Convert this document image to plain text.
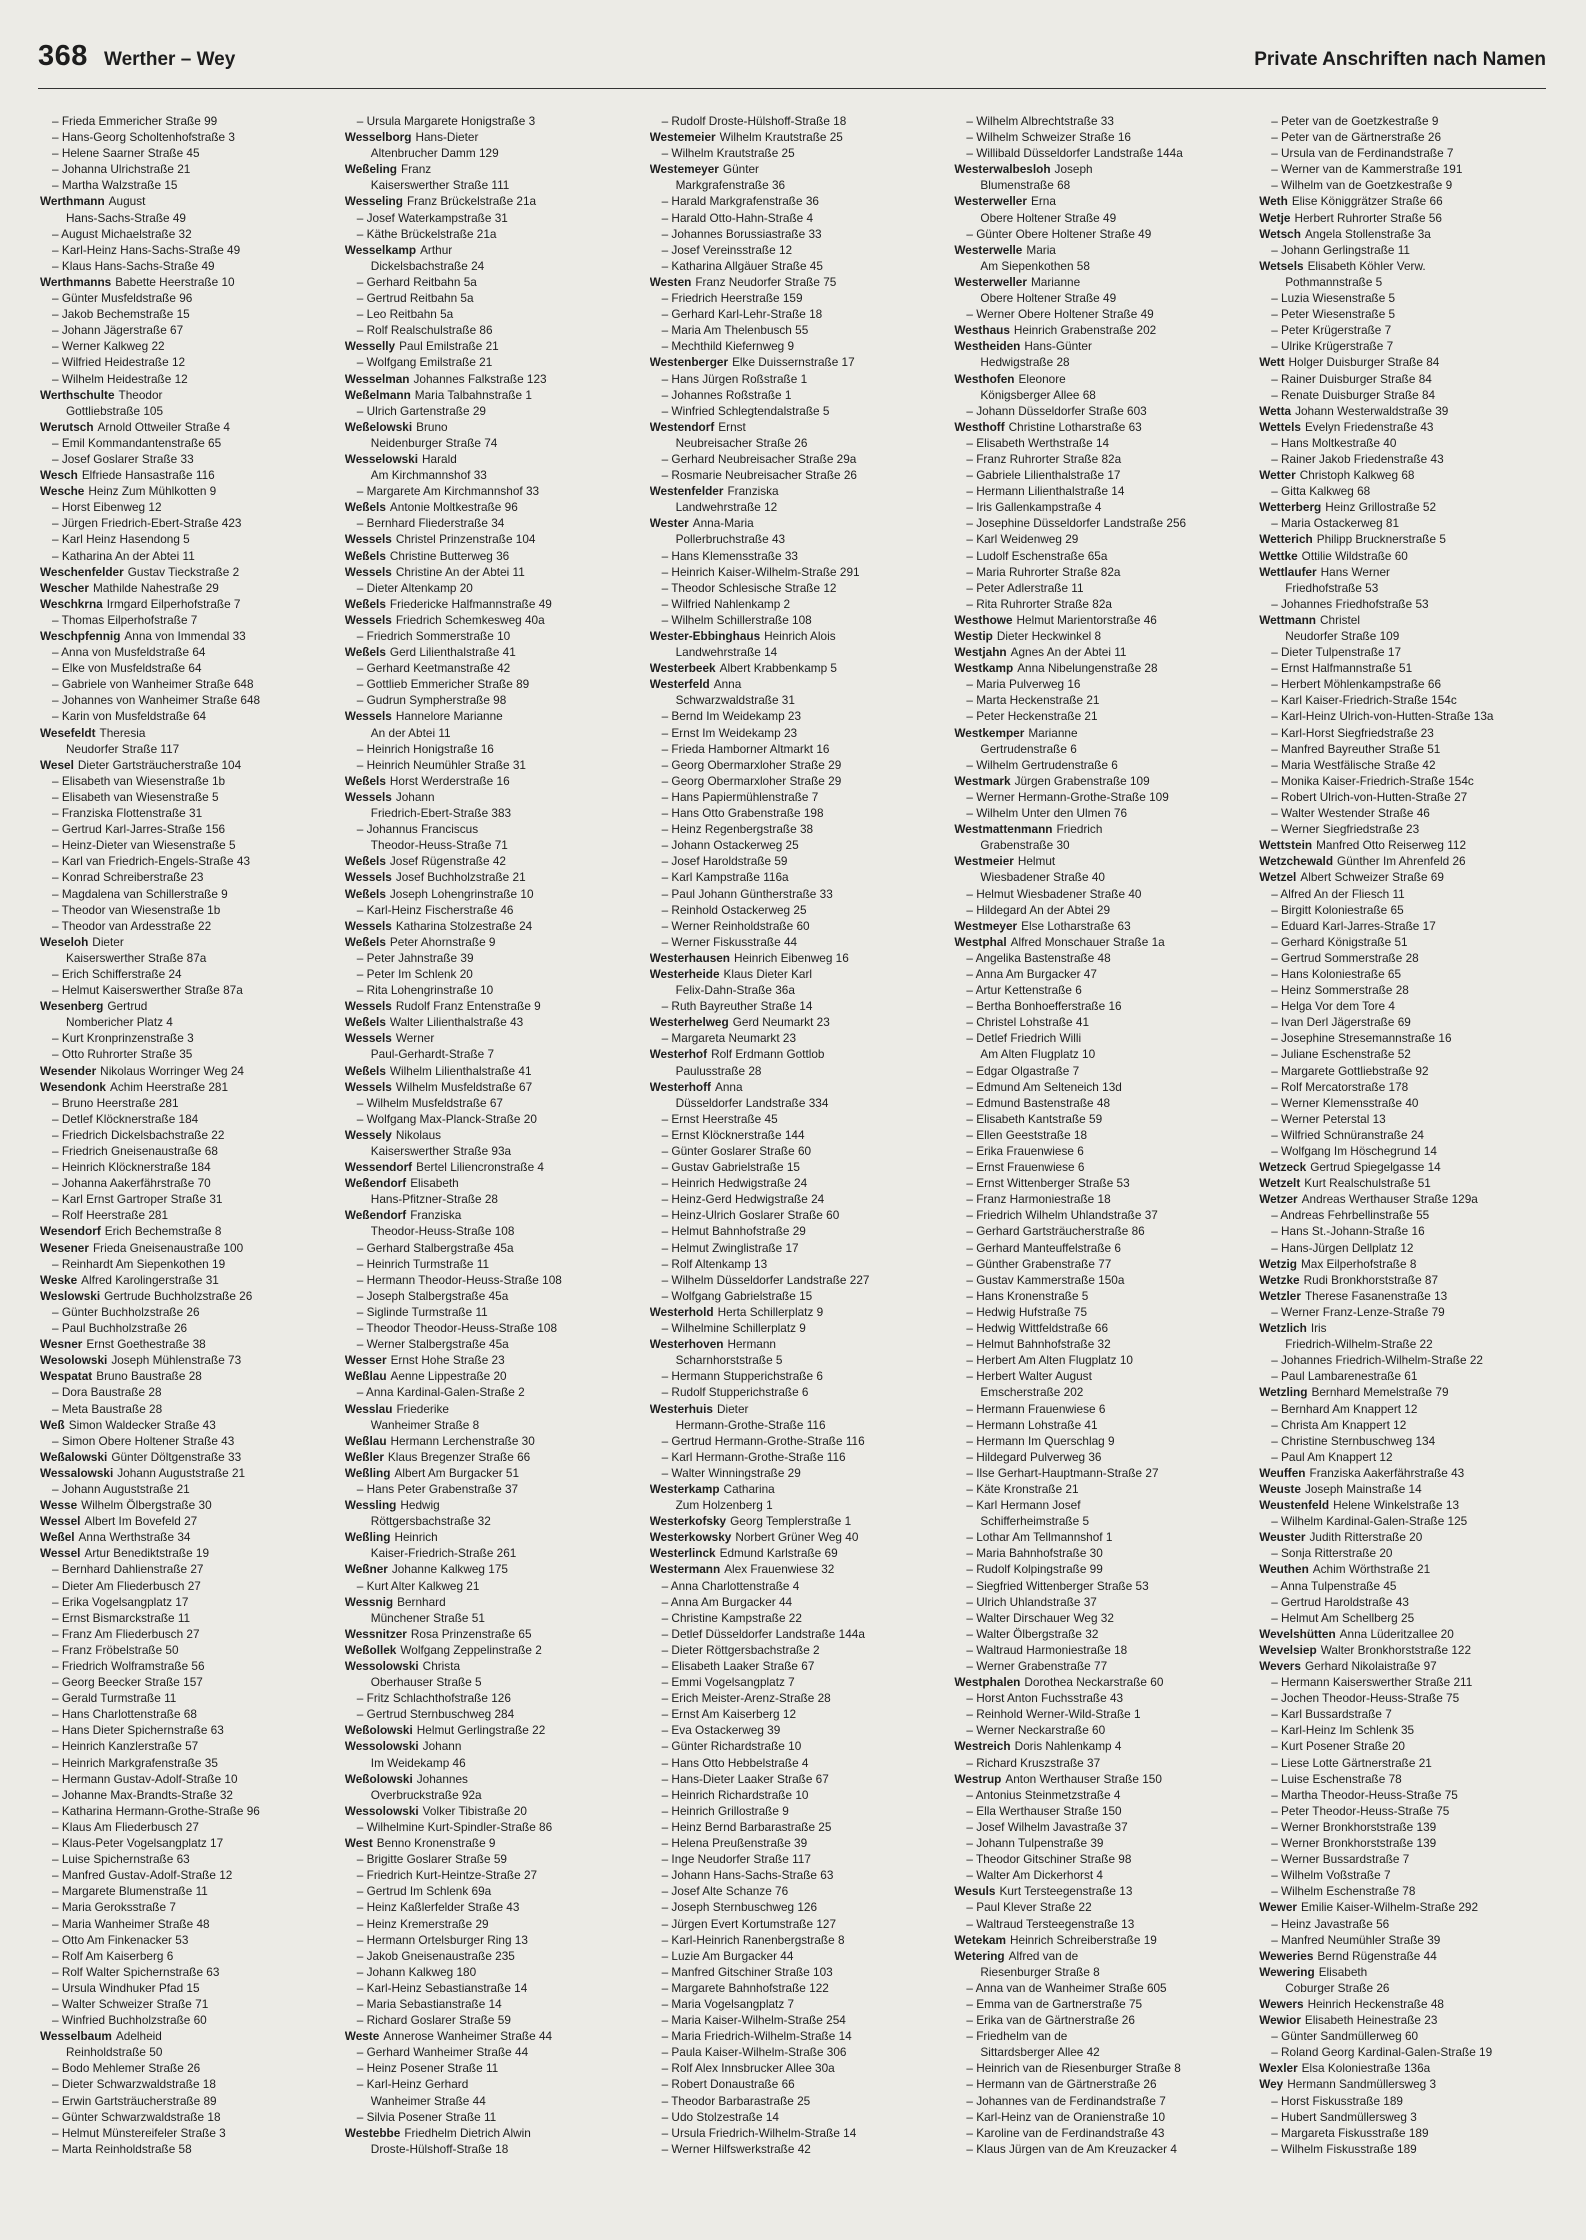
368 Werther – Wey	Private Anschriften nach Namen
– Frieda Emmericher Straße 99
– Hans-Georg Scholtenhofstraße 3
– Helene Saarner Straße 45
– Johanna Ulrichstraße 21
– Martha Walzstraße 15
Werthmann August
Hans-Sachs-Straße 49
– August Michaelstraße 32
– Karl-Heinz Hans-Sachs-Straße 49
– Klaus Hans-Sachs-Straße 49
Werthmanns Babette Heerstraße 10
– Günter Musfeldstraße 96
– Jakob Bechemstraße 15
– Johann Jägerstraße 67
– Werner Kalkweg 22
– Wilfried Heidestraße 12
– Wilhelm Heidestraße 12
Werthschulte Theodor
Gottliebstraße 105
Werutsch Arnold Ottweiler Straße 4
– Emil Kommandantenstraße 65
– Josef Goslarer Straße 33
Wesch Elfriede Hansastraße 116
Wesche Heinz Zum Mühlkotten 9
– Horst Eibenweg 12
– Jürgen Friedrich-Ebert-Straße 423
– Karl Heinz Hasendong 5
– Katharina An der Abtei 11
Weschenfelder Gustav Tieckstraße 2
Wescher Mathilde Nahestraße 29
Weschkrna Irmgard Eilperhofstraße 7
– Thomas Eilperhofstraße 7
Weschpfennig Anna von Immendal 33
– Anna von Musfeldstraße 64
– Elke von Musfeldstraße 64
– Gabriele von Wanheimer Straße 648
– Johannes von Wanheimer Straße 648
– Karin von Musfeldstraße 64
Wesefeldt Theresia
Neudorfer Straße 117
Wesel Dieter Gartsträucherstraße 104
– Elisabeth van Wiesenstraße 1b
– Elisabeth van Wiesenstraße 5
– Franziska Flottenstraße 31
– Gertrud Karl-Jarres-Straße 156
– Heinz-Dieter van Wiesenstraße 5
– Karl van Friedrich-Engels-Straße 43
– Konrad Schreiberstraße 23
– Magdalena van Schillerstraße 9
– Theodor van Wiesenstraße 1b
– Theodor van Ardesstraße 22
Weseloh Dieter
Kaiserswerther Straße 87a
– Erich Schifferstraße 24
– Helmut Kaiserswerther Straße 87a
Wesenberg Gertrud
Nombericher Platz 4
– Kurt Kronprinzenstraße 3
– Otto Ruhrorter Straße 35
Wesender Nikolaus Worringer Weg 24
Wesendonk Achim Heerstraße 281
– Bruno Heerstraße 281
– Detlef Klöcknerstraße 184
– Friedrich Dickelsbachstraße 22
– Friedrich Gneisenaustraße 68
– Heinrich Klöcknerstraße 184
– Johanna Aakerfährstraße 70
– Karl Ernst Gartroper Straße 31
– Rolf Heerstraße 281
Wesendorf Erich Bechemstraße 8
Wesener Frieda Gneisenaustraße 100
– Reinhardt Am Siepenkothen 19
Weske Alfred Karolingerstraße 31
Weslowski Gertrude Buchholzstraße 26
– Günter Buchholzstraße 26
– Paul Buchholzstraße 26
Wesner Ernst Goethestraße 38
Wesolowski Joseph Mühlenstraße 73
Wespatat Bruno Baustraße 28
– Dora Baustraße 28
– Meta Baustraße 28
Weß Simon Waldecker Straße 43
– Simon Obere Holtener Straße 43
Weßalowski Günter Döltgenstraße 33
Wessalowski Johann Auguststraße 21
– Johann Auguststraße 21
Wesse Wilhelm Ölbergstraße 30
Wessel Albert Im Bovefeld 27
Weßel Anna Werthstraße 34
Wessel Artur Benediktstraße 19
– Bernhard Dahlienstraße 27
– Dieter Am Fliederbusch 27
– Erika Vogelsangplatz 17
– Ernst Bismarckstraße 11
– Franz Am Fliederbusch 27
– Franz Fröbelstraße 50
– Friedrich Wolframstraße 56
– Georg Beecker Straße 157
– Gerald Turmstraße 11
– Hans Charlottenstraße 68
– Hans Dieter Spichernstraße 63
– Heinrich Kanzlerstraße 57
– Heinrich Markgrafenstraße 35
– Hermann Gustav-Adolf-Straße 10
– Johanne Max-Brandts-Straße 32
– Katharina Hermann-Grothe-Straße 96
– Klaus Am Fliederbusch 27
– Klaus-Peter Vogelsangplatz 17
– Luise Spichernstraße 63
– Manfred Gustav-Adolf-Straße 12
– Margarete Blumenstraße 11
– Maria Geroksstraße 7
– Maria Wanheimer Straße 48
– Otto Am Finkenacker 53
– Rolf Am Kaiserberg 6
– Rolf Walter Spichernstraße 63
– Ursula Windhuker Pfad 15
– Walter Schweizer Straße 71
– Winfried Buchholzstraße 60
Wesselbaum Adelheid
Reinholdstraße 50
– Bodo Mehlemer Straße 26
– Dieter Schwarzwaldstraße 18
– Erwin Gartsträucherstraße 89
– Günter Schwarzwaldstraße 18
– Helmut Münstereifeler Straße 3
– Marta Reinholdstraße 58
– Ursula Margarete Honigstraße 3
Wesselborg Hans-Dieter
Altenbrucher Damm 129
Weßeling Franz
Kaiserswerther Straße 111
Wesseling Franz Brückelstraße 21a
– Josef Waterkampstraße 31
– Käthe Brückelstraße 21a
Wesselkamp Arthur
Dickelsbachstraße 24
– Gerhard Reitbahn 5a
– Gertrud Reitbahn 5a
– Leo Reitbahn 5a
– Rolf Realschulstraße 86
Wesselly Paul Emilstraße 21
– Wolfgang Emilstraße 21
Wesselman Johannes Falkstraße 123
Weßelmann Maria Talbahnstraße 1
– Ulrich Gartenstraße 29
Weßelowski Bruno
Neidenburger Straße 74
Wesselowski Harald
Am Kirchmannshof 33
– Margarete Am Kirchmannshof 33
Weßels Antonie Moltkestraße 96
– Bernhard Fliederstraße 34
Wessels Christel Prinzenstraße 104
Weßels Christine Butterweg 36
Wessels Christine An der Abtei 11
– Dieter Altenkamp 20
Weßels Friedericke Halfmannstraße 49
Wessels Friedrich Schemkesweg 40a
– Friedrich Sommerstraße 10
Weßels Gerd Lilienthalstraße 41
– Gerhard Keetmanstraße 42
– Gottlieb Emmericher Straße 89
– Gudrun Sympherstraße 98
Wessels Hannelore Marianne
An der Abtei 11
– Heinrich Honigstraße 16
– Heinrich Neumühler Straße 31
Weßels Horst Werderstraße 16
Wessels Johann
Friedrich-Ebert-Straße 383
– Johannus Franciscus
Theodor-Heuss-Straße 71
Weßels Josef Rügenstraße 42
Wessels Josef Buchholzstraße 21
Weßels Joseph Lohengrinstraße 10
– Karl-Heinz Fischerstraße 46
Wessels Katharina Stolzestraße 24
Weßels Peter Ahornstraße 9
– Peter Jahnstraße 39
– Peter Im Schlenk 20
– Rita Lohengrinstraße 10
Wessels Rudolf Franz Entenstraße 9
Weßels Walter Lilienthalstraße 43
Wessels Werner
Paul-Gerhardt-Straße 7
Weßels Wilhelm Lilienthalstraße 41
Wessels Wilhelm Musfeldstraße 67
– Wilhelm Musfeldstraße 67
– Wolfgang Max-Planck-Straße 20
Wessely Nikolaus
Kaiserswerther Straße 93a
Wessendorf Bertel Liliencronstraße 4
Weßendorf Elisabeth
Hans-Pfitzner-Straße 28
Weßendorf Franziska
Theodor-Heuss-Straße 108
– Gerhard Stalbergstraße 45a
– Heinrich Turmstraße 11
– Hermann Theodor-Heuss-Straße 108
– Joseph Stalbergstraße 45a
– Siglinde Turmstraße 11
– Theodor Theodor-Heuss-Straße 108
– Werner Stalbergstraße 45a
Wesser Ernst Hohe Straße 23
Weßlau Aenne Lippestraße 20
– Anna Kardinal-Galen-Straße 2
Wesslau Friederike
Wanheimer Straße 8
Weßlau Hermann Lerchenstraße 30
Weßler Klaus Bregenzer Straße 66
Weßling Albert Am Burgacker 51
– Hans Peter Grabenstraße 37
Wessling Hedwig
Röttgersbachstraße 32
Weßling Heinrich
Kaiser-Friedrich-Straße 261
Weßner Johanne Kalkweg 175
– Kurt Alter Kalkweg 21
Wessnig Bernhard
Münchener Straße 51
Wessnitzer Rosa Prinzenstraße 65
Weßollek Wolfgang Zeppelinstraße 2
Wessolowski Christa
Oberhauser Straße 5
– Fritz Schlachthofstraße 126
– Gertrud Sternbuschweg 284
Weßolowski Helmut Gerlingstraße 22
Wessolowski Johann
Im Weidekamp 46
Weßolowski Johannes
Overbruckstraße 92a
Wessolowski Volker Tibistraße 20
– Wilhelmine Kurt-Spindler-Straße 86
West Benno Kronenstraße 9
– Brigitte Goslarer Straße 59
– Friedrich Kurt-Heintze-Straße 27
– Gertrud Im Schlenk 69a
– Heinz Kaßlerfelder Straße 43
– Heinz Kremerstraße 29
– Hermann Ortelsburger Ring 13
– Jakob Gneisenaustraße 235
– Johann Kalkweg 180
– Karl-Heinz Sebastianstraße 14
– Maria Sebastianstraße 14
– Richard Goslarer Straße 59
Weste Annerose Wanheimer Straße 44
– Gerhard Wanheimer Straße 44
– Heinz Posener Straße 11
– Karl-Heinz Gerhard
Wanheimer Straße 44
– Silvia Posener Straße 11
Westebbe Friedhelm Dietrich Alwin
Droste-Hülshoff-Straße 18
– Rudolf Droste-Hülshoff-Straße 18
Westemeier Wilhelm Krautstraße 25
– Wilhelm Krautstraße 25
Westemeyer Günter
Markgrafenstraße 36
– Harald Markgrafenstraße 36
– Harald Otto-Hahn-Straße 4
– Johannes Borussiastraße 33
– Josef Vereinsstraße 12
– Katharina Allgäuer Straße 45
Westen Franz Neudorfer Straße 75
– Friedrich Heerstraße 159
– Gerhard Karl-Lehr-Straße 18
– Maria Am Thelenbusch 55
– Mechthild Kiefernweg 9
Westenberger Elke Duissernstraße 17
– Hans Jürgen Roßstraße 1
– Johannes Roßstraße 1
– Winfried Schlegtendalstraße 5
Westendorf Ernst
Neubreisacher Straße 26
– Gerhard Neubreisacher Straße 29a
– Rosmarie Neubreisacher Straße 26
Westenfelder Franziska
Landwehrstraße 12
Wester Anna-Maria
Pollerbruchstraße 43
– Hans Klemensstraße 33
– Heinrich Kaiser-Wilhelm-Straße 291
– Theodor Schlesische Straße 12
– Wilfried Nahlenkamp 2
– Wilhelm Schillerstraße 108
Wester-Ebbinghaus Heinrich Alois
Landwehrstraße 14
Westerbeek Albert Krabbenkamp 5
Westerfeld Anna
Schwarzwaldstraße 31
– Bernd Im Weidekamp 23
– Ernst Im Weidekamp 23
– Frieda Hamborner Altmarkt 16
– Georg Obermarxloher Straße 29
– Georg Obermarxloher Straße 29
– Hans Papiermühlenstraße 7
– Hans Otto Grabenstraße 198
– Heinz Regenbergstraße 38
– Johann Ostackerweg 25
– Josef Haroldstraße 59
– Karl Kampstraße 116a
– Paul Johann Güntherstraße 33
– Reinhold Ostackerweg 25
– Werner Reinholdstraße 60
– Werner Fiskusstraße 44
Westerhausen Heinrich Eibenweg 16
Westerheide Klaus Dieter Karl
Felix-Dahn-Straße 36a
– Ruth Bayreuther Straße 14
Westerhelweg Gerd Neumarkt 23
– Margareta Neumarkt 23
Westerhof Rolf Erdmann Gottlob
Paulusstraße 28
Westerhoff Anna
Düsseldorfer Landstraße 334
– Ernst Heerstraße 45
– Ernst Klöcknerstraße 144
– Günter Goslarer Straße 60
– Gustav Gabrielstraße 15
– Heinrich Hedwigstraße 24
– Heinz-Gerd Hedwigstraße 24
– Heinz-Ulrich Goslarer Straße 60
– Helmut Bahnhofstraße 29
– Helmut Zwinglistraße 17
– Rolf Altenkamp 13
– Wilhelm Düsseldorfer Landstraße 227
– Wolfgang Gabrielstraße 15
Westerhold Herta Schillerplatz 9
– Wilhelmine Schillerplatz 9
Westerhoven Hermann
Scharnhorststraße 5
– Hermann Stupperichstraße 6
– Rudolf Stupperichstraße 6
Westerhuis Dieter
Hermann-Grothe-Straße 116
– Gertrud Hermann-Grothe-Straße 116
– Karl Hermann-Grothe-Straße 116
– Walter Winningstraße 29
Westerkamp Catharina
Zum Holzenberg 1
Westerkofsky Georg Templerstraße 1
Westerkowsky Norbert Grüner Weg 40
Westerlinck Edmund Karlstraße 69
Westermann Alex Frauenwiese 32
– Anna Charlottenstraße 4
– Anna Am Burgacker 44
– Christine Kampstraße 22
– Detlef Düsseldorfer Landstraße 144a
– Dieter Röttgersbachstraße 2
– Elisabeth Laaker Straße 67
– Emmi Vogelsangplatz 7
– Erich Meister-Arenz-Straße 28
– Ernst Am Kaiserberg 12
– Eva Ostackerweg 39
– Günter Richardstraße 10
– Hans Otto Hebbelstraße 4
– Hans-Dieter Laaker Straße 67
– Heinrich Richardstraße 10
– Heinrich Grillostraße 9
– Heinz Bernd Barbarastraße 25
– Helena Preußenstraße 39
– Inge Neudorfer Straße 117
– Johann Hans-Sachs-Straße 63
– Josef Alte Schanze 76
– Joseph Sternbuschweg 126
– Jürgen Evert Kortumstraße 127
– Karl-Heinrich Ranenbergstraße 8
– Luzie Am Burgacker 44
– Manfred Gitschiner Straße 103
– Margarete Bahnhofstraße 122
– Maria Vogelsangplatz 7
– Maria Kaiser-Wilhelm-Straße 254
– Maria Friedrich-Wilhelm-Straße 14
– Paula Kaiser-Wilhelm-Straße 306
– Rolf Alex Innsbrucker Allee 30a
– Robert Donaustraße 66
– Theodor Barbarastraße 25
– Udo Stolzestraße 14
– Ursula Friedrich-Wilhelm-Straße 14
– Werner Hilfswerkstraße 42
– Wilhelm Albrechtstraße 33
– Wilhelm Schweizer Straße 16
– Willibald Düsseldorfer Landstraße 144a
Westerwalbesloh Joseph
Blumenstraße 68
Westerweller Erna
Obere Holtener Straße 49
– Günter Obere Holtener Straße 49
Westerwelle Maria
Am Siepenkothen 58
Westerweller Marianne
Obere Holtener Straße 49
– Werner Obere Holtener Straße 49
Westhaus Heinrich Grabenstraße 202
Westheiden Hans-Günter
Hedwigstraße 28
Westhofen Eleonore
Königsberger Allee 68
– Johann Düsseldorfer Straße 603
Westhoff Christine Lotharstraße 63
– Elisabeth Werthstraße 14
– Franz Ruhrorter Straße 82a
– Gabriele Lilienthalstraße 17
– Hermann Lilienthalstraße 14
– Iris Gallenkampstraße 4
– Josephine Düsseldorfer Landstraße 256
– Karl Weidenweg 29
– Ludolf Eschenstraße 65a
– Maria Ruhrorter Straße 82a
– Peter Adlerstraße 11
– Rita Ruhrorter Straße 82a
Westhowe Helmut Marientorstraße 46
Westip Dieter Heckwinkel 8
Westjahn Agnes An der Abtei 11
Westkamp Anna Nibelungenstraße 28
– Maria Pulverweg 16
– Marta Heckenstraße 21
– Peter Heckenstraße 21
Westkemper Marianne
Gertrudenstraße 6
– Wilhelm Gertrudenstraße 6
Westmark Jürgen Grabenstraße 109
– Werner Hermann-Grothe-Straße 109
– Wilhelm Unter den Ulmen 76
Westmattenmann Friedrich
Grabenstraße 30
Westmeier Helmut
Wiesbadener Straße 40
– Helmut Wiesbadener Straße 40
– Hildegard An der Abtei 29
Westmeyer Else Lotharstraße 63
Westphal Alfred Monschauer Straße 1a
– Angelika Bastenstraße 48
– Anna Am Burgacker 47
– Artur Kettenstraße 6
– Bertha Bonhoefferstraße 16
– Christel Lohstraße 41
– Detlef Friedrich Willi
Am Alten Flugplatz 10
– Edgar Olgastraße 7
– Edmund Am Selteneich 13d
– Edmund Bastenstraße 48
– Elisabeth Kantstraße 59
– Ellen Geeststraße 18
– Erika Frauenwiese 6
– Ernst Frauenwiese 6
– Ernst Wittenberger Straße 53
– Franz Harmoniestraße 18
– Friedrich Wilhelm Uhlandstraße 37
– Gerhard Gartsträucherstraße 86
– Gerhard Manteuffelstraße 6
– Günther Grabenstraße 77
– Gustav Kammerstraße 150a
– Hans Kronenstraße 5
– Hedwig Hufstraße 75
– Hedwig Wittfeldstraße 66
– Helmut Bahnhofstraße 32
– Herbert Am Alten Flugplatz 10
– Herbert Walter August
Emscherstraße 202
– Hermann Frauenwiese 6
– Hermann Lohstraße 41
– Hermann Im Querschlag 9
– Hildegard Pulverweg 36
– Ilse Gerhart-Hauptmann-Straße 27
– Käte Kronstraße 21
– Karl Hermann Josef
Schifferheimstraße 5
– Lothar Am Tellmannshof 1
– Maria Bahnhofstraße 30
– Rudolf Kolpingstraße 99
– Siegfried Wittenberger Straße 53
– Ulrich Uhlandstraße 37
– Walter Dirschauer Weg 32
– Walter Ölbergstraße 32
– Waltraud Harmoniestraße 18
– Werner Grabenstraße 77
Westphalen Dorothea Neckarstraße 60
– Horst Anton Fuchsstraße 43
– Reinhold Werner-Wild-Straße 1
– Werner Neckarstraße 60
Westreich Doris Nahlenkamp 4
– Richard Kruszstraße 37
Westrup Anton Werthauser Straße 150
– Antonius Steinmetzstraße 4
– Ella Werthauser Straße 150
– Josef Wilhelm Javastraße 37
– Johann Tulpenstraße 39
– Theodor Gitschiner Straße 98
– Walter Am Dickerhorst 4
Wesuls Kurt Tersteegenstraße 13
– Paul Klever Straße 22
– Waltraud Tersteegenstraße 13
Wetekam Heinrich Schreiberstraße 19
Wetering Alfred van de
Riesenburger Straße 8
– Anna van de Wanheimer Straße 605
– Emma van de Gartnerstraße 75
– Erika van de Gärtnerstraße 26
– Friedhelm van de
Sittardsberger Allee 42
– Heinrich van de Riesenburger Straße 8
– Hermann van de Gärtnerstraße 26
– Johannes van de Ferdinandstraße 7
– Karl-Heinz van de Oranienstraße 10
– Karoline van de Ferdinandstraße 43
– Klaus Jürgen van de Am Kreuzacker 4
– Peter van de Goetzkestraße 9
– Peter van de Gärtnerstraße 26
– Ursula van de Ferdinandstraße 7
– Werner van de Kammerstraße 191
– Wilhelm van de Goetzkestraße 9
Weth Elise Königgrätzer Straße 66
Wetje Herbert Ruhrorter Straße 56
Wetsch Angela Stollenstraße 3a
– Johann Gerlingstraße 11
Wetsels Elisabeth Köhler Verw.
Pothmannstraße 5
– Luzia Wiesenstraße 5
– Peter Wiesenstraße 5
– Peter Krügerstraße 7
– Ulrike Krügerstraße 7
Wett Holger Duisburger Straße 84
– Rainer Duisburger Straße 84
– Renate Duisburger Straße 84
Wetta Johann Westerwaldstraße 39
Wettels Evelyn Friedenstraße 43
– Hans Moltkestraße 40
– Rainer Jakob Friedenstraße 43
Wetter Christoph Kalkweg 68
– Gitta Kalkweg 68
Wetterberg Heinz Grillostraße 52
– Maria Ostackerweg 81
Wetterich Philipp Brucknerstraße 5
Wettke Ottilie Wildstraße 60
Wettlaufer Hans Werner
Friedhofstraße 53
– Johannes Friedhofstraße 53
Wettmann Christel
Neudorfer Straße 109
– Dieter Tulpenstraße 17
– Ernst Halfmannstraße 51
– Herbert Möhlenkampstraße 66
– Karl Kaiser-Friedrich-Straße 154c
– Karl-Heinz Ulrich-von-Hutten-Straße 13a
– Karl-Horst Siegfriedstraße 23
– Manfred Bayreuther Straße 51
– Maria Westfälische Straße 42
– Monika Kaiser-Friedrich-Straße 154c
– Robert Ulrich-von-Hutten-Straße 27
– Walter Westender Straße 46
– Werner Siegfriedstraße 23
Wettstein Manfred Otto Reiserweg 112
Wetzchewald Günther Im Ahrenfeld 26
Wetzel Albert Schweizer Straße 69
– Alfred An der Fliesch 11
– Birgitt Koloniestraße 65
– Eduard Karl-Jarres-Straße 17
– Gerhard Königstraße 51
– Gertrud Sommerstraße 28
– Hans Koloniestraße 65
– Heinz Sommerstraße 28
– Helga Vor dem Tore 4
– Ivan Derl Jägerstraße 69
– Josephine Stresemannstraße 16
– Juliane Eschenstraße 52
– Margarete Gottliebstraße 92
– Rolf Mercatorstraße 178
– Werner Klemensstraße 40
– Werner Peterstal 13
– Wilfried Schnüranstraße 24
– Wolfgang Im Höschegrund 14
Wetzeck Gertrud Spiegelgasse 14
Wetzelt Kurt Realschulstraße 51
Wetzer Andreas Werthauser Straße 129a
– Andreas Fehrbellinstraße 55
– Hans St.-Johann-Straße 16
– Hans-Jürgen Dellplatz 12
Wetzig Max Eilperhofstraße 8
Wetzke Rudi Bronkhorststraße 87
Wetzler Therese Fasanenstraße 13
– Werner Franz-Lenze-Straße 79
Wetzlich Iris
Friedrich-Wilhelm-Straße 22
– Johannes Friedrich-Wilhelm-Straße 22
– Paul Lambarenestraße 61
Wetzling Bernhard Memelstraße 79
– Bernhard Am Knappert 12
– Christa Am Knappert 12
– Christine Sternbuschweg 134
– Paul Am Knappert 12
Weuffen Franziska Aakerfährstraße 43
Weuste Joseph Mainstraße 14
Weustenfeld Helene Winkelstraße 13
– Wilhelm Kardinal-Galen-Straße 125
Weuster Judith Ritterstraße 20
– Sonja Ritterstraße 20
Weuthen Achim Wörthstraße 21
– Anna Tulpenstraße 45
– Gertrud Haroldstraße 43
– Helmut Am Schellberg 25
Wevelshütten Anna Lüderitzallee 20
Wevelsiep Walter Bronkhorststraße 122
Wevers Gerhard Nikolaistraße 97
– Hermann Kaiserswerther Straße 211
– Jochen Theodor-Heuss-Straße 75
– Karl Bussardstraße 7
– Karl-Heinz Im Schlenk 35
– Kurt Posener Straße 20
– Liese Lotte Gärtnerstraße 21
– Luise Eschenstraße 78
– Martha Theodor-Heuss-Straße 75
– Peter Theodor-Heuss-Straße 75
– Werner Bronkhorststraße 139
– Werner Bronkhorststraße 139
– Werner Bussardstraße 7
– Wilhelm Voßstraße 7
– Wilhelm Eschenstraße 78
Wewer Emilie Kaiser-Wilhelm-Straße 292
– Heinz Javastraße 56
– Manfred Neumühler Straße 39
Weweries Bernd Rügenstraße 44
Wewering Elisabeth
Coburger Straße 26
Wewers Heinrich Heckenstraße 48
Wewior Elisabeth Heinestraße 23
– Günter Sandmüllerweg 60
– Roland Georg Kardinal-Galen-Straße 19
Wexler Elsa Koloniestraße 136a
Wey Hermann Sandmüllersweg 3
– Horst Fiskusstraße 189
– Hubert Sandmüllersweg 3
– Margareta Fiskusstraße 189
– Wilhelm Fiskusstraße 189
